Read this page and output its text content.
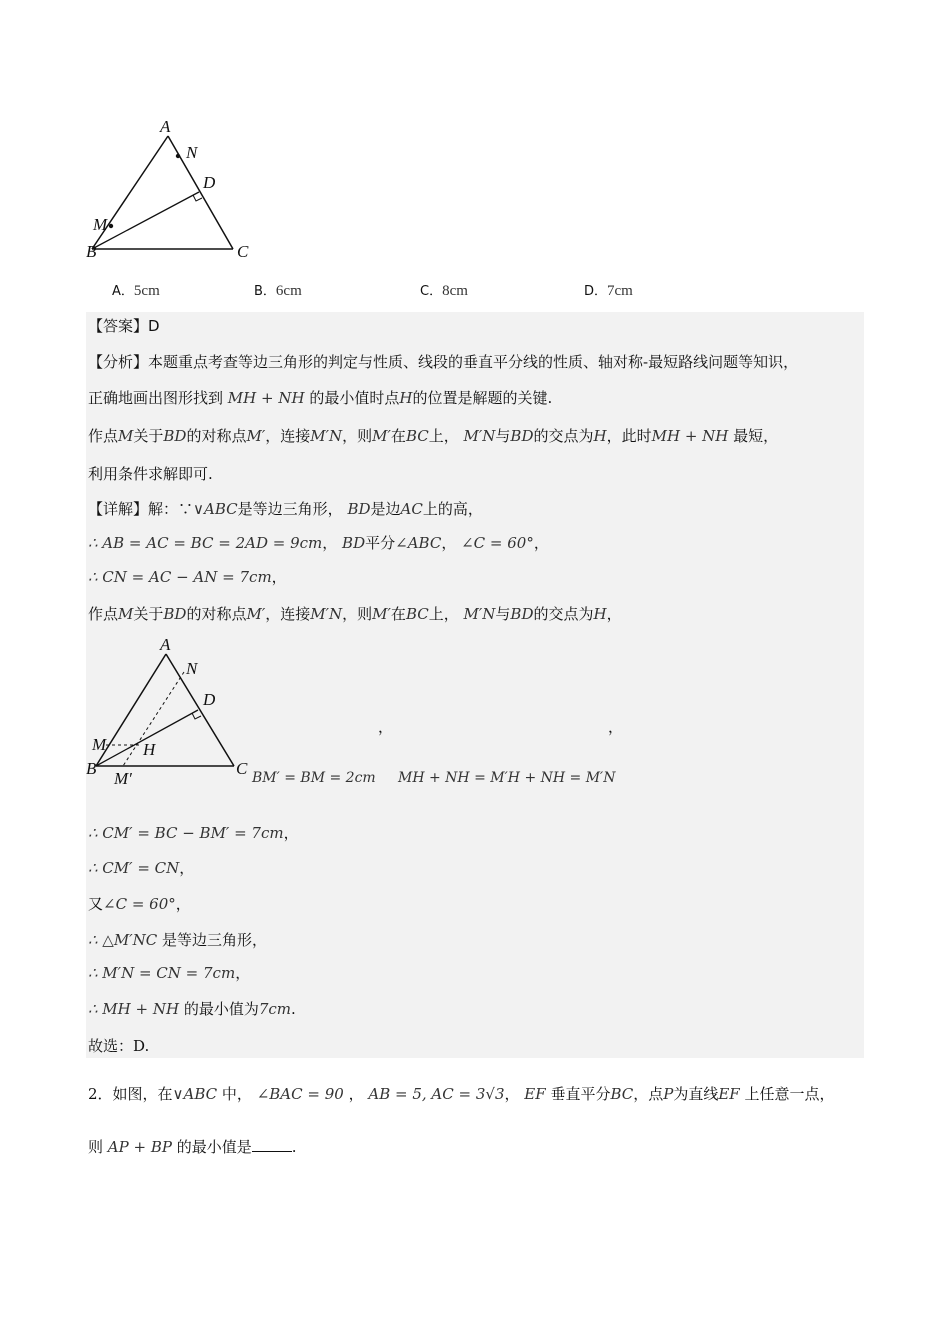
A
N
D
M
B	C
A．5cm	B．6cm	C．8cm	D．7cm
【答案】D
【分析】本题重点考查等边三角形的判定与性质、线段的垂直平分线的性质、轴对称-最短路线问题等知识，
正确地画出图形找到 MH + NH 的最小值时点H的位置是解题的关键.
作点M关于BD的对称点M′，连接M′N，则M′在BC上， M′N与BD的交点为H，此时MH + NH 最短，
利用条件求解即可.
【详解】解：∵∨ABC是等边三角形， BD是边AC上的高，
∴ AB = AC = BC = 2AD = 9cm， BD平分∠ABC， ∠C = 60°，
∴ CN = AC − AN = 7cm，
作点M关于BD的对称点M′，连接M′N，则M′在BC上， M′N与BD的交点为H，
A
N
D
M H
B	C
M′
，	，
BM′ = BM = 2cm MH + NH = M′H + NH = M′N
∴ CM′ = BC − BM′ = 7cm，
∴ CM′ = CN，
又∠C = 60°，
∴ △M′NC 是等边三角形，
∴ M′N = CN = 7cm，
∴ MH + NH 的最小值为7cm.
故选：D.
2．如图，在∨ABC 中， ∠BAC = 90 ， AB = 5, AC = 3√3， EF 垂直平分BC，点P为直线EF 上任意一点，
则 AP + BP 的最小值是	.
